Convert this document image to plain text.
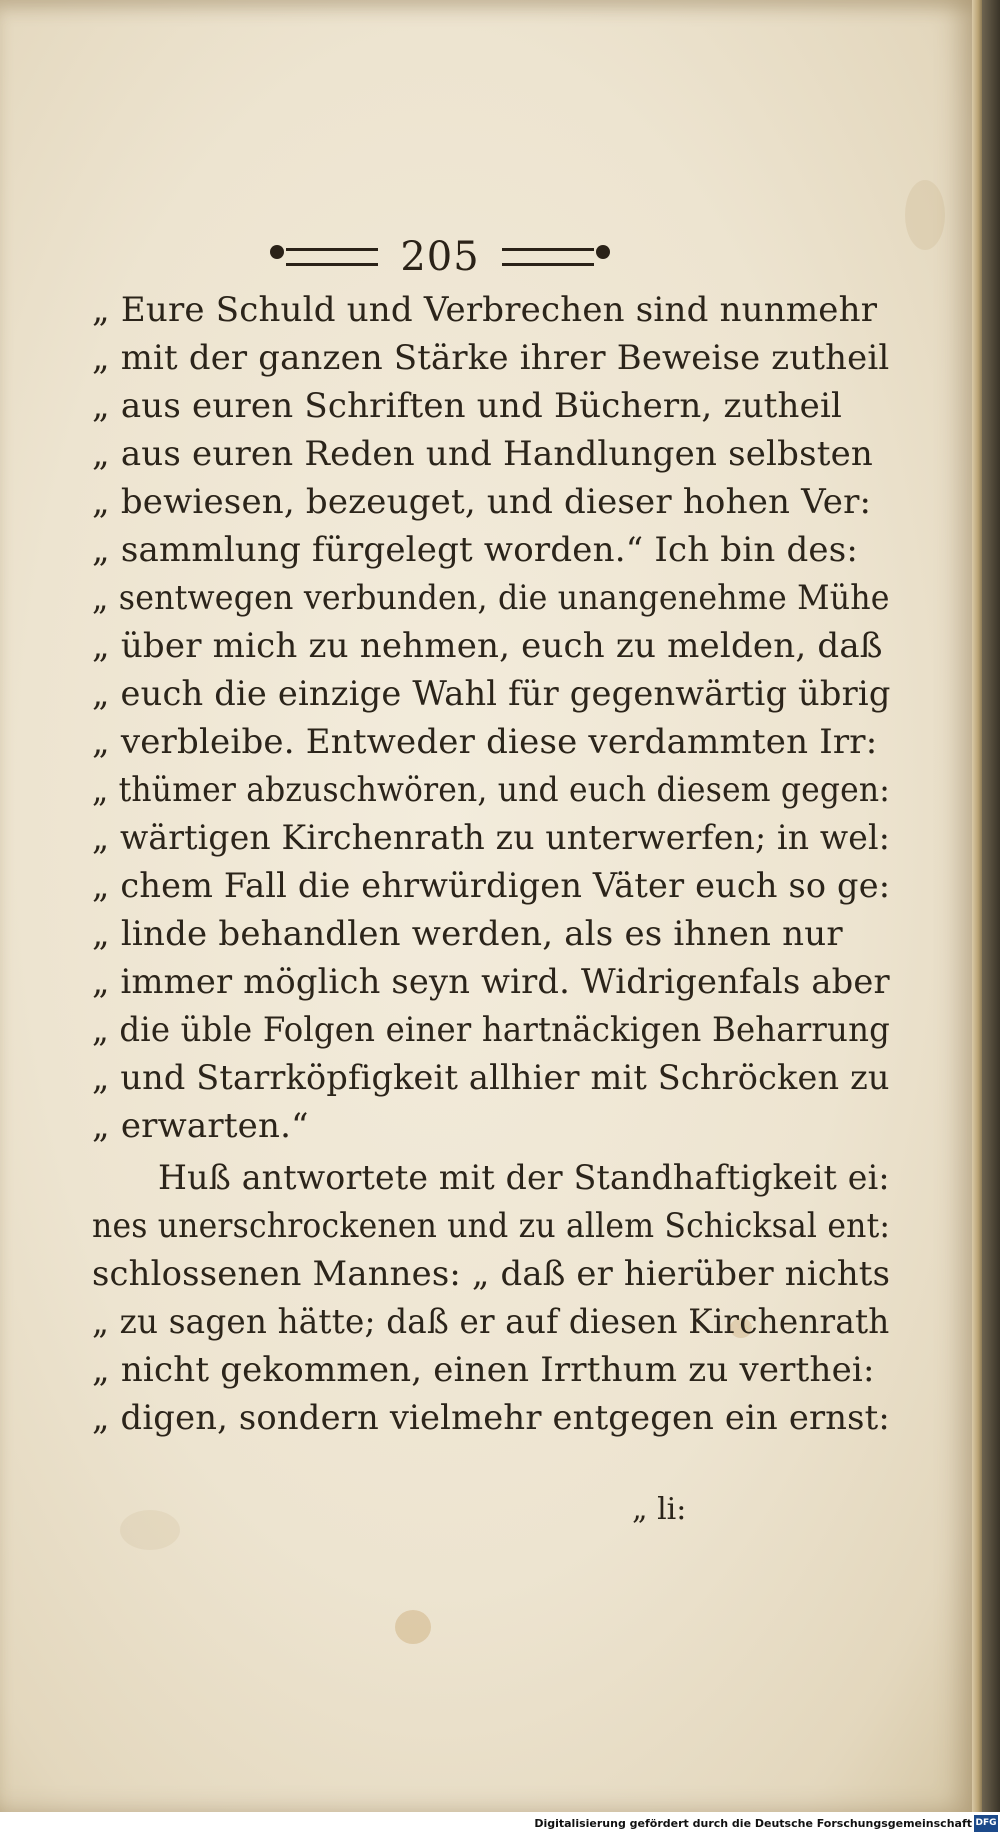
205
„ Eure Schuld und Verbrechen sind nunmehr
„ mit der ganzen Stärke ihrer Beweise zutheil
„ aus euren Schriften und Büchern, zutheil
„ aus euren Reden und Handlungen selbsten
„ bewiesen, bezeuget, und dieser hohen Ver:
„ sammlung fürgelegt worden.“ Ich bin des:
„ sentwegen verbunden, die unangenehme Mühe
„ über mich zu nehmen, euch zu melden, daß
„ euch die einzige Wahl für gegenwärtig übrig
„ verbleibe. Entweder diese verdammten Irr:
„ thümer abzuschwören, und euch diesem gegen:
„ wärtigen Kirchenrath zu unterwerfen; in wel:
„ chem Fall die ehrwürdigen Väter euch so ge:
„ linde behandlen werden, als es ihnen nur
„ immer möglich seyn wird. Widrigenfals aber
„ die üble Folgen einer hartnäckigen Beharrung
„ und Starrköpfigkeit allhier mit Schröcken zu
„ erwarten.“
Huß antwortete mit der Standhaftigkeit ei:
nes unerschrockenen und zu allem Schicksal ent:
schlossenen Mannes: „ daß er hierüber nichts
„ zu sagen hätte; daß er auf diesen Kirchenrath
„ nicht gekommen, einen Irrthum zu verthei:
„ digen, sondern vielmehr entgegen ein ernst:
„ li:
Digitalisierung gefördert durch die Deutsche Forschungsgemeinschaft DFG
